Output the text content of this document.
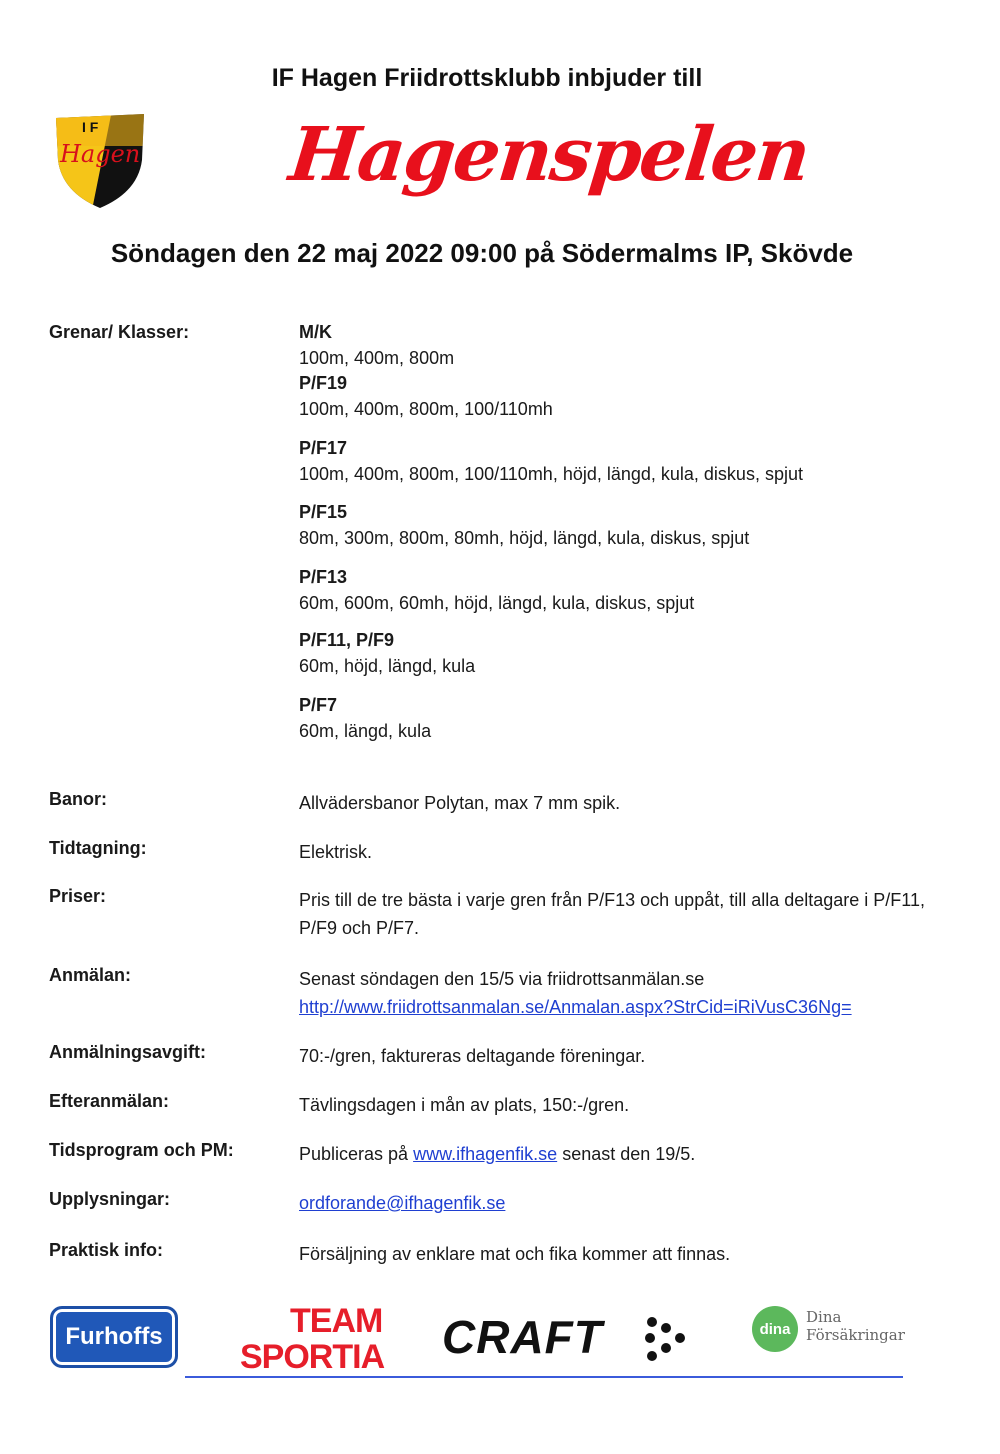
IF Hagen Friidrottsklubb inbjuder till
I F
Hagen Hagenspelen
Söndagen den 22 maj 2022 09:00 på Södermalms IP, Skövde
Grenar/ Klasser:	M/K
100m, 400m, 800m
P/F19
100m, 400m, 800m, 100/110mh
P/F17
100m, 400m, 800m, 100/110mh, höjd, längd, kula, diskus, spjut
P/F15
80m, 300m, 800m, 80mh, höjd, längd, kula, diskus, spjut
P/F13
60m, 600m, 60mh, höjd, längd, kula, diskus, spjut
P/F11, P/F9
60m, höjd, längd, kula
P/F7
60m, längd, kula
Banor:	Allvädersbanor Polytan, max 7 mm spik.
Tidtagning:	Elektrisk.
Priser:	Pris till de tre bästa i varje gren från P/F13 och uppåt, till alla deltagare i P/F11, P/F9 och P/F7.
Anmälan:	Senast söndagen den 15/5 via friidrottsanmälan.se
http://www.friidrottsanmalan.se/Anmalan.aspx?StrCid=iRiVusC36Ng=
Anmälningsavgift:	70:-/gren, faktureras deltagande föreningar.
Efteranmälan:	Tävlingsdagen i mån av plats, 150:-/gren.
Tidsprogram och PM:	Publiceras på www.ifhagenfik.se senast den 19/5.
Upplysningar:	ordforande@ifhagenfik.se
Praktisk info:	Försäljning av enklare mat och fika kommer att finnas.
Furhoffs	TEAM
SPORTIA CRAFT	dina
Dina
Försäkringar
